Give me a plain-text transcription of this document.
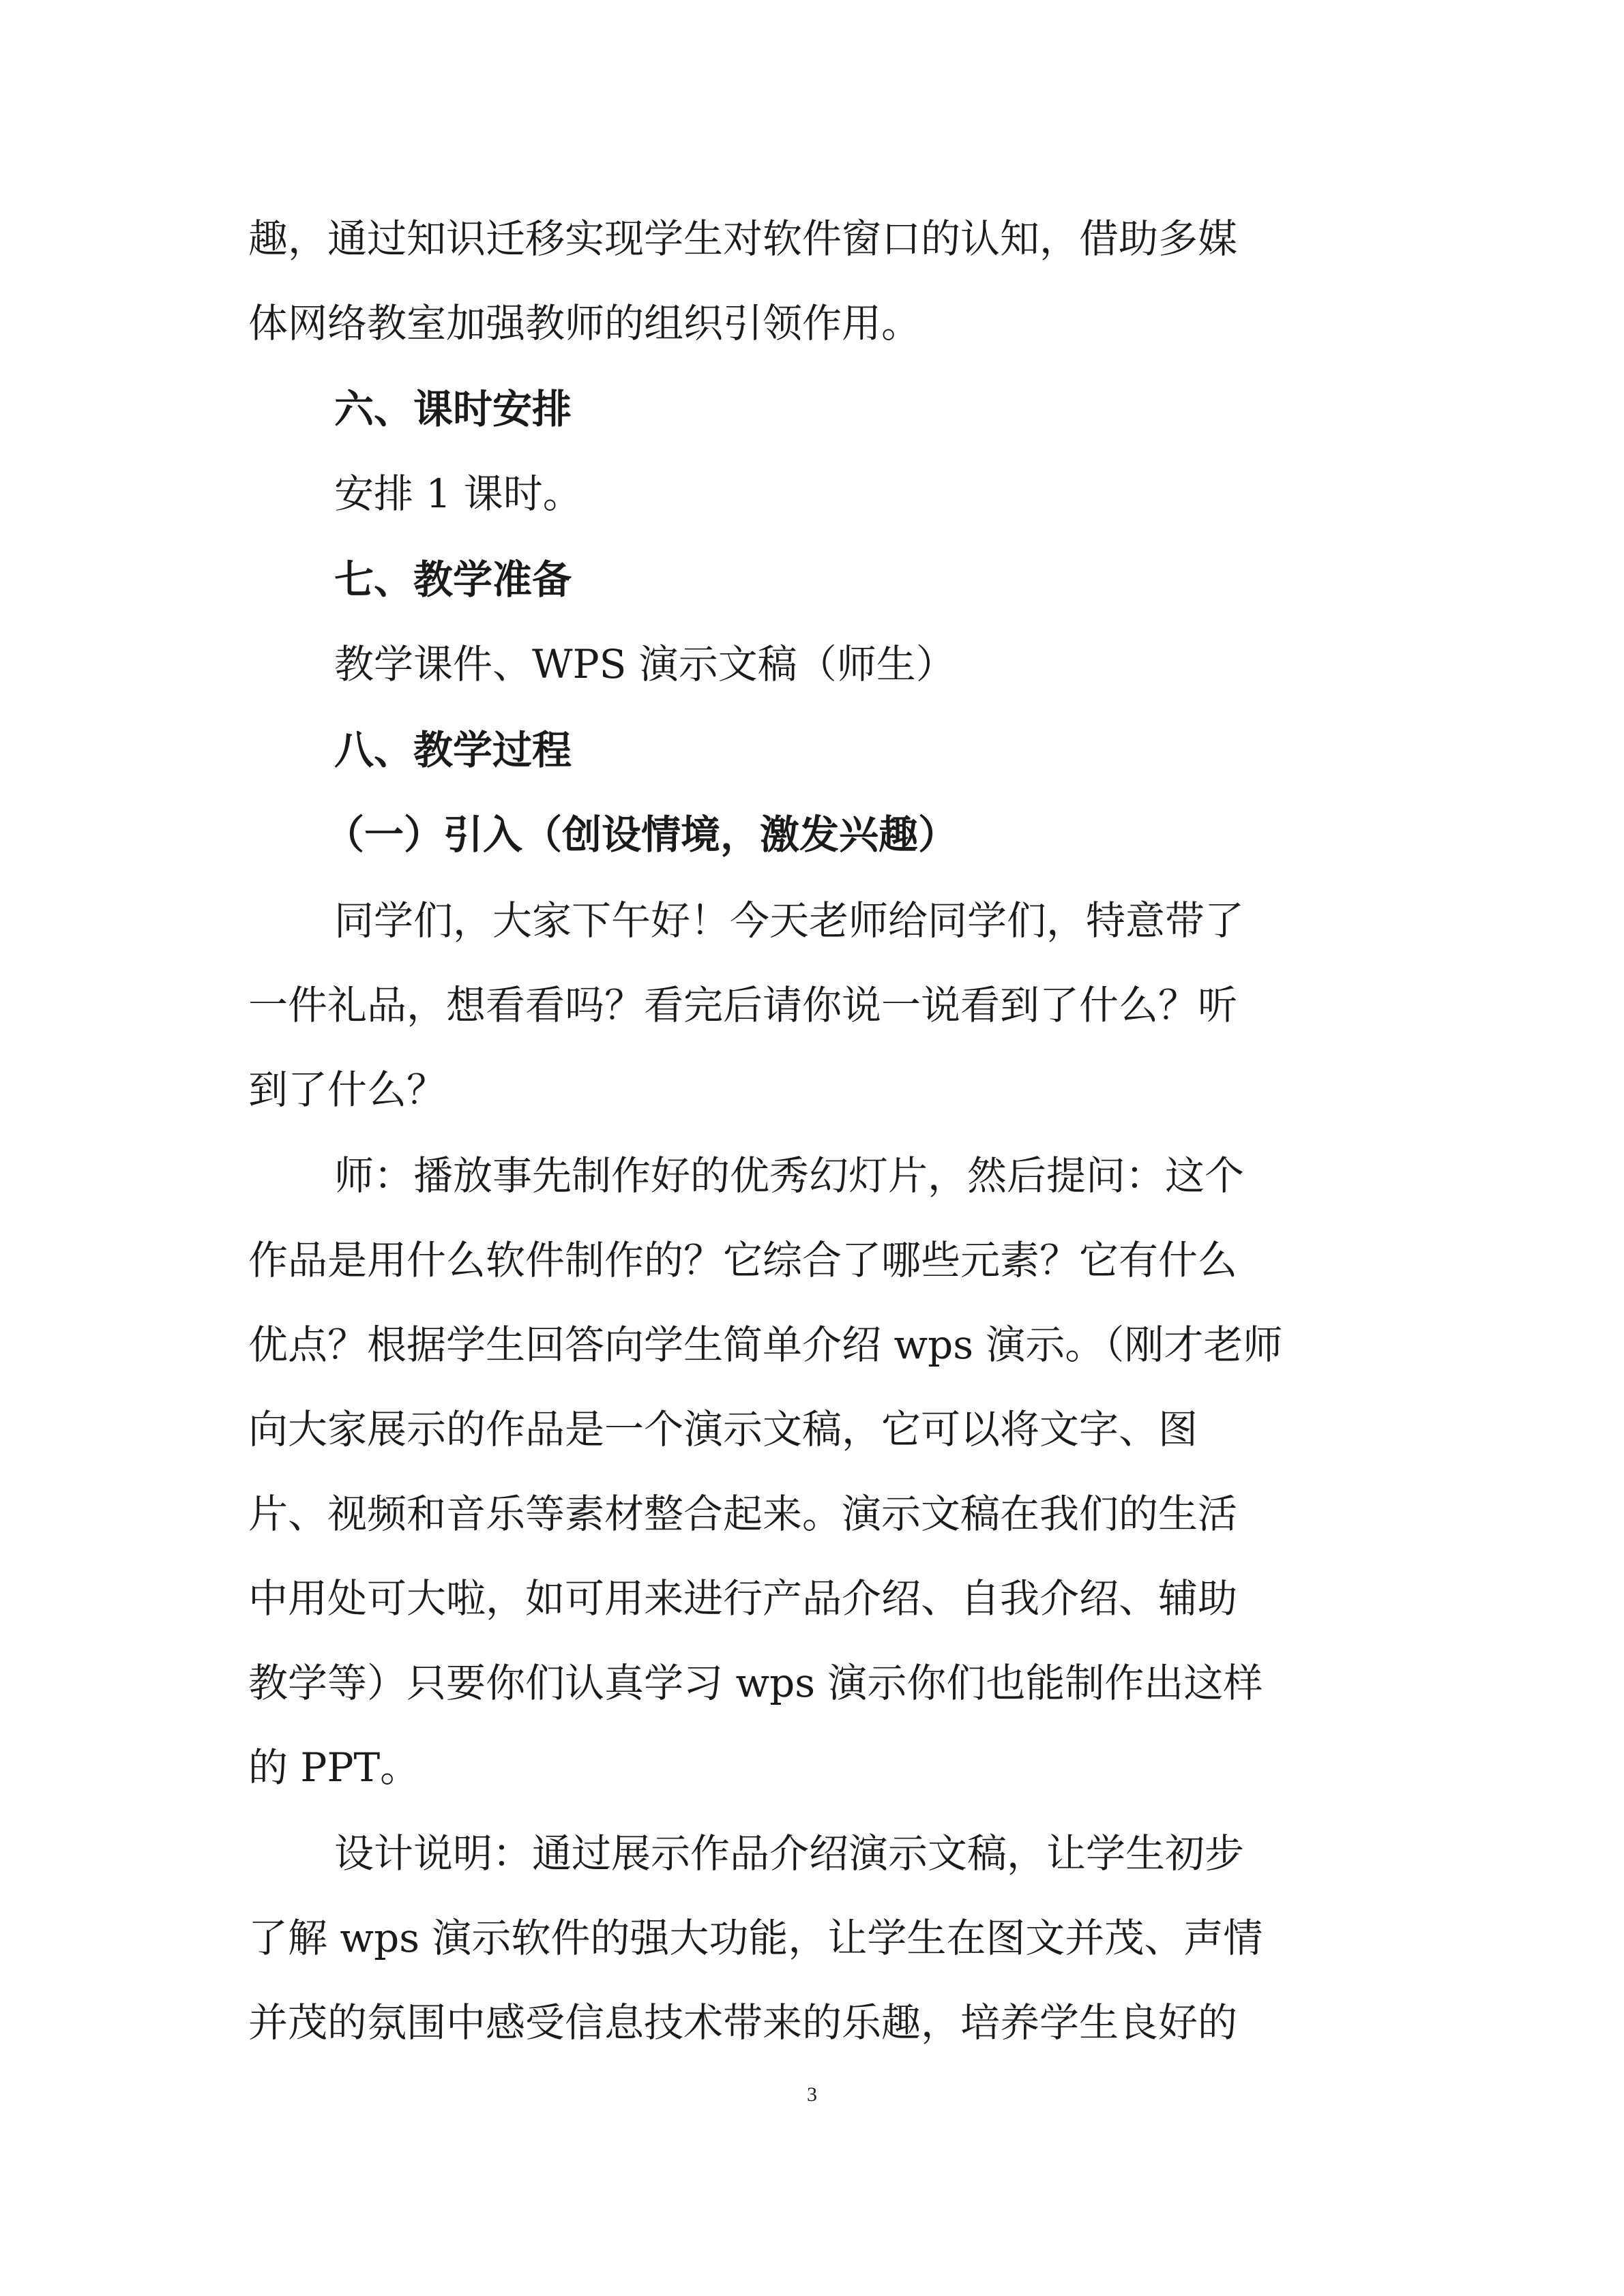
趣，通过知识迁移实现学生对软件窗口的认知，借助多媒
体网络教室加强教师的组织引领作用。
六、课时安排
安排 1 课时。
七、教学准备
教学课件、WPS 演示文稿（师生）
八、教学过程
（一）引入（创设情境，激发兴趣）
同学们，大家下午好！今天老师给同学们，特意带了
一件礼品，想看看吗？看完后请你说一说看到了什么？听
到了什么？
师：播放事先制作好的优秀幻灯片，然后提问：这个
作品是用什么软件制作的？它综合了哪些元素？它有什么
优点？根据学生回答向学生简单介绍 wps 演示。（刚才老师
向大家展示的作品是一个演示文稿，它可以将文字、图
片、视频和音乐等素材整合起来。演示文稿在我们的生活
中用处可大啦，如可用来进行产品介绍、自我介绍、辅助
教学等）只要你们认真学习 wps 演示你们也能制作出这样
的 PPT。
设计说明：通过展示作品介绍演示文稿，让学生初步
了解 wps 演示软件的强大功能，让学生在图文并茂、声情
并茂的氛围中感受信息技术带来的乐趣，培养学生良好的
3
